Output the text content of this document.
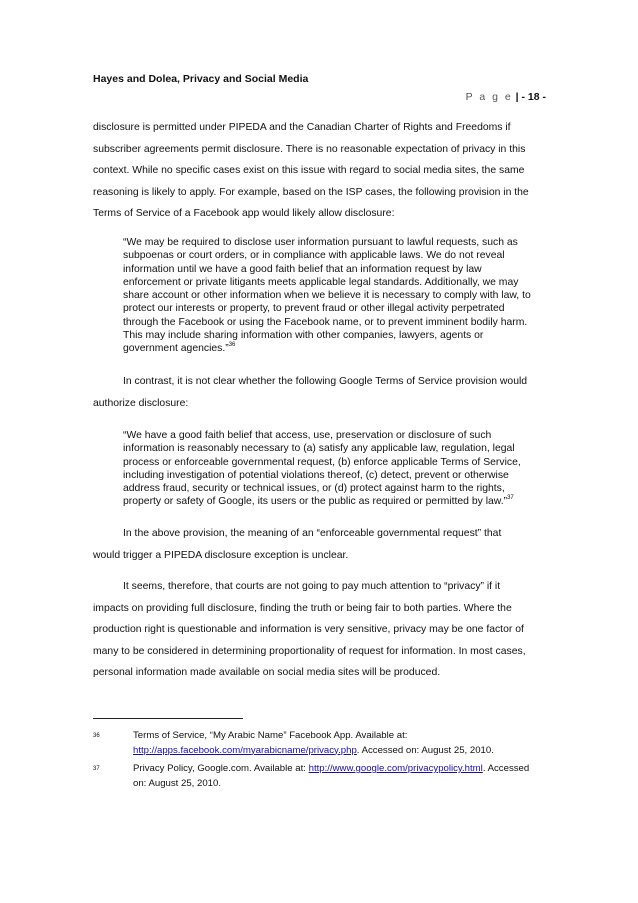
Hayes and Dolea, Privacy and Social Media
P a g e | - 18 -
disclosure is permitted under PIPEDA and the Canadian Charter of Rights and Freedoms if
subscriber agreements permit disclosure. There is no reasonable expectation of privacy in this
context. While no specific cases exist on this issue with regard to social media sites, the same
reasoning is likely to apply. For example, based on the ISP cases, the following provision in the
Terms of Service of a Facebook app would likely allow disclosure:
“We may be required to disclose user information pursuant to lawful requests, such as
subpoenas or court orders, or in compliance with applicable laws. We do not reveal
information until we have a good faith belief that an information request by law
enforcement or private litigants meets applicable legal standards. Additionally, we may
share account or other information when we believe it is necessary to comply with law, to
protect our interests or property, to prevent fraud or other illegal activity perpetrated
through the Facebook or using the Facebook name, or to prevent imminent bodily harm.
This may include sharing information with other companies, lawyers, agents or
government agencies.”$^{36}$
In contrast, it is not clear whether the following Google Terms of Service provision would
authorize disclosure:
“We have a good faith belief that access, use, preservation or disclosure of such
information is reasonably necessary to (a) satisfy any applicable law, regulation, legal
process or enforceable governmental request, (b) enforce applicable Terms of Service,
including investigation of potential violations thereof, (c) detect, prevent or otherwise
address fraud, security or technical issues, or (d) protect against harm to the rights,
property or safety of Google, its users or the public as required or permitted by law.”$^{37}$
In the above provision, the meaning of an “enforceable governmental request” that
would trigger a PIPEDA disclosure exception is unclear.
It seems, therefore, that courts are not going to pay much attention to “privacy” if it
impacts on providing full disclosure, finding the truth or being fair to both parties. Where the
production right is questionable and information is very sensitive, privacy may be one factor of
many to be considered in determining proportionality of request for information. In most cases,
personal information made available on social media sites will be produced.
36	Terms of Service, “My Arabic Name” Facebook App. Available at:
http://apps.facebook.com/myarabicname/privacy.php. Accessed on: August 25, 2010.
37	Privacy Policy, Google.com. Available at: http://www.google.com/privacypolicy.html. Accessed
on: August 25, 2010.
